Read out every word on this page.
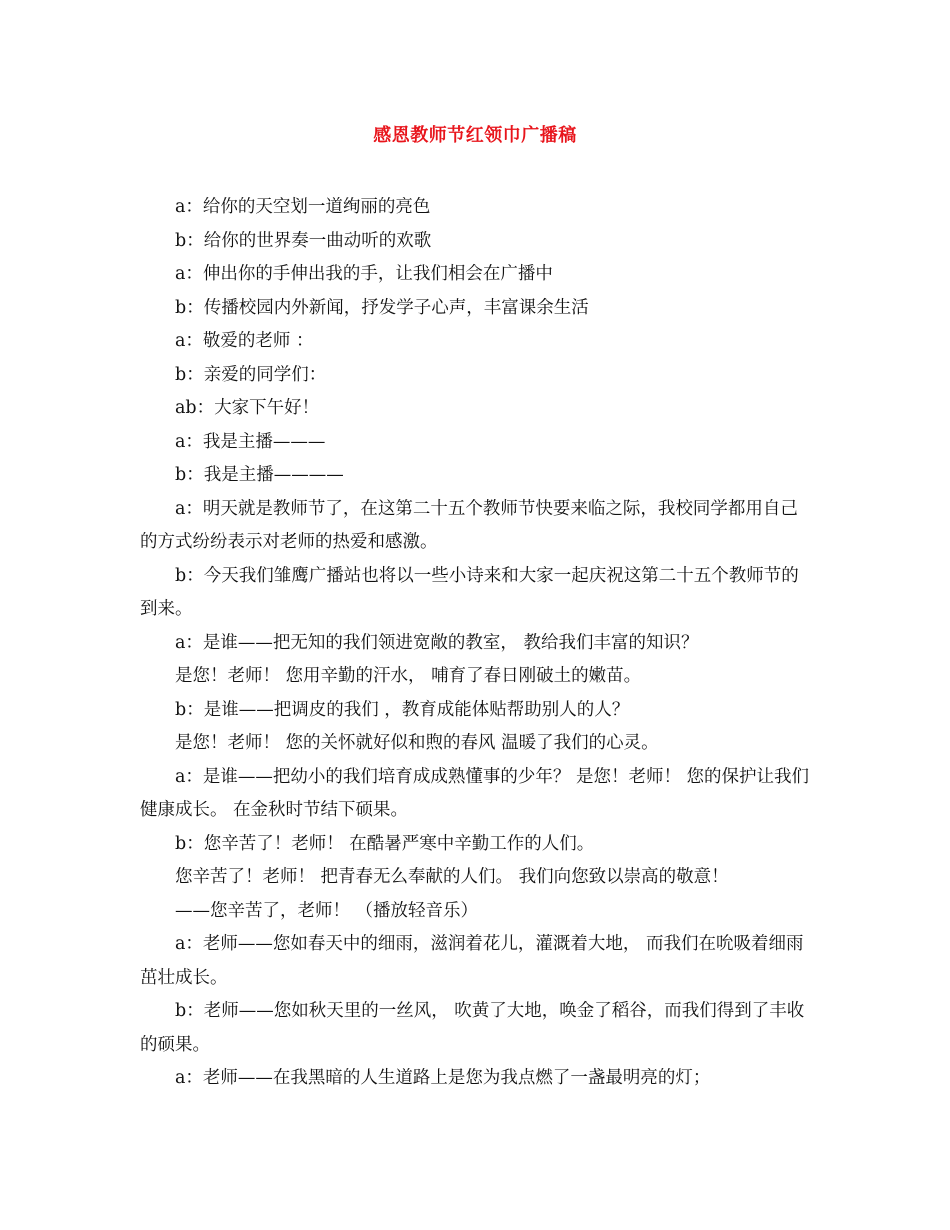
感恩教师节红领巾广播稿

a：给你的天空划一道绚丽的亮色

b：给你的世界奏一曲动听的欢歌

a：伸出你的手伸出我的手，让我们相会在广播中

b：传播校园内外新闻，抒发学子心声，丰富课余生活

a：敬爱的老师 ：

b：亲爱的同学们：

ab：大家下午好！

a：我是主播———

b：我是主播————

a：明天就是教师节了，在这第二十五个教师节快要来临之际，我校同学都用自己的方式纷纷表示对老师的热爱和感激。

b：今天我们雏鹰广播站也将以一些小诗来和大家一起庆祝这第二十五个教师节的到来。

a：是谁——把无知的我们领进宽敞的教室， 教给我们丰富的知识？

是您！老师！ 您用辛勤的汗水， 哺育了春日刚破土的嫩苗。

b：是谁——把调皮的我们 ，教育成能体贴帮助别人的人？

是您！老师！ 您的关怀就好似和煦的春风 温暖了我们的心灵。

a：是谁——把幼小的我们培育成成熟懂事的少年？ 是您！老师！ 您的保护让我们健康成长。 在金秋时节结下硕果。

b：您辛苦了！老师！ 在酷暑严寒中辛勤工作的人们。

您辛苦了！老师！ 把青春无么奉献的人们。 我们向您致以崇高的敬意！

——您辛苦了，老师！ （播放轻音乐）

a：老师——您如春天中的细雨，滋润着花儿，灌溉着大地， 而我们在吮吸着细雨茁壮成长。

b：老师——您如秋天里的一丝风， 吹黄了大地，唤金了稻谷，而我们得到了丰收的硕果。

a：老师——在我黑暗的人生道路上是您为我点燃了一盏最明亮的灯；
